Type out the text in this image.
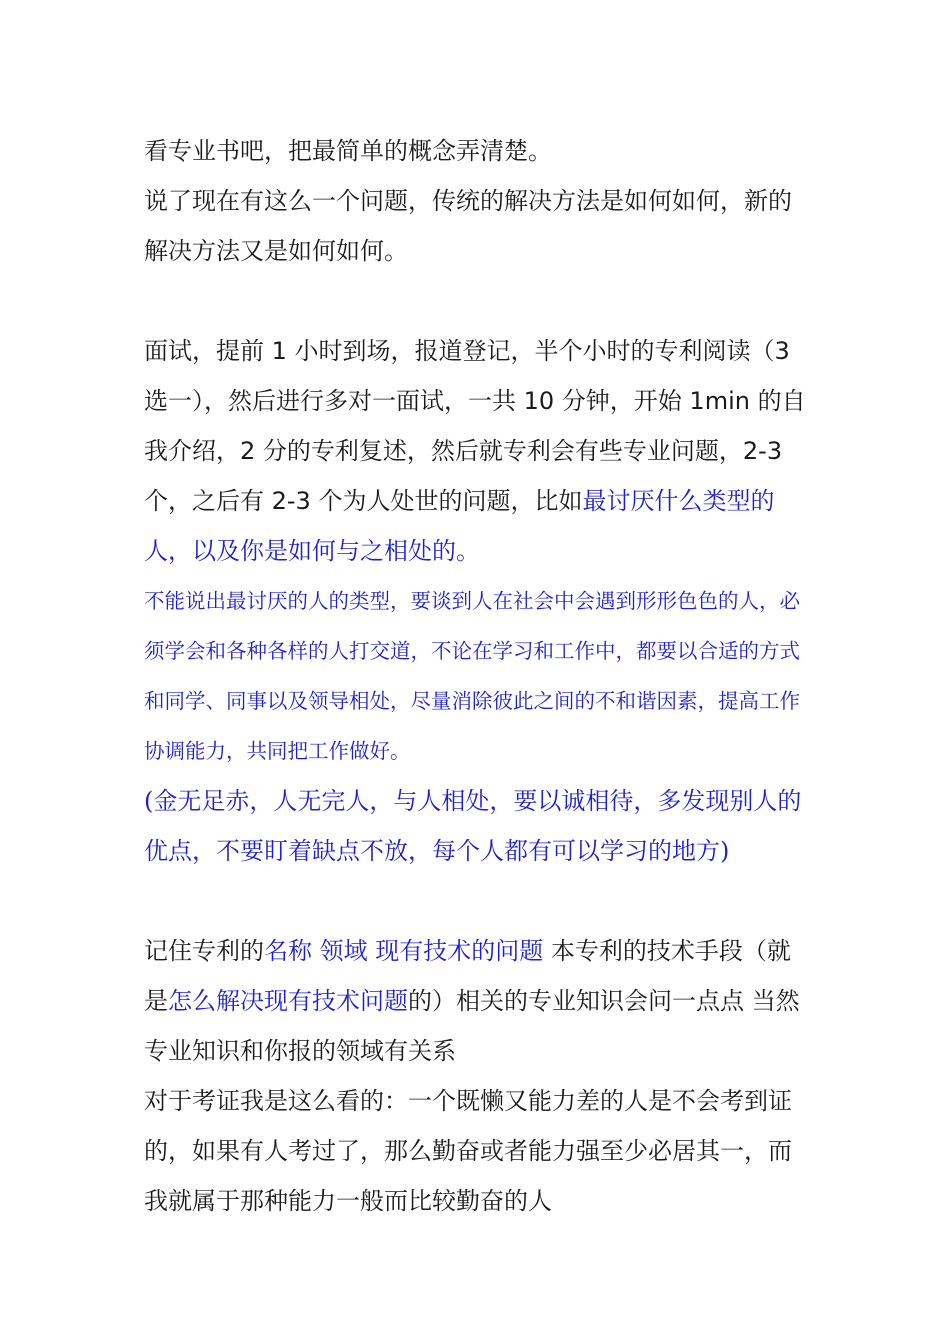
看专业书吧，把最简单的概念弄清楚。

说了现在有这么一个问题，传统的解决方法是如何如何，新的解决方法又是如何如何。

面试，提前 1 小时到场，报道登记，半个小时的专利阅读（3选一），然后进行多对一面试，一共 10 分钟，开始 1min 的自我介绍，2 分的专利复述，然后就专利会有些专业问题，2-3个，之后有 2-3 个为人处世的问题，比如最讨厌什么类型的人，以及你是如何与之相处的。

不能说出最讨厌的人的类型，要谈到人在社会中会遇到形形色色的人，必须学会和各种各样的人打交道，不论在学习和工作中，都要以合适的方式和同学、同事以及领导相处，尽量消除彼此之间的不和谐因素，提高工作协调能力，共同把工作做好。

(金无足赤，人无完人，与人相处，要以诚相待，多发现别人的优点，不要盯着缺点不放，每个人都有可以学习的地方)

记住专利的名称 领域 现有技术的问题 本专利的技术手段（就是怎么解决现有技术问题的）相关的专业知识会问一点点 当然专业知识和你报的领域有关系

对于考证我是这么看的：一个既懒又能力差的人是不会考到证的，如果有人考过了，那么勤奋或者能力强至少必居其一，而我就属于那种能力一般而比较勤奋的人
